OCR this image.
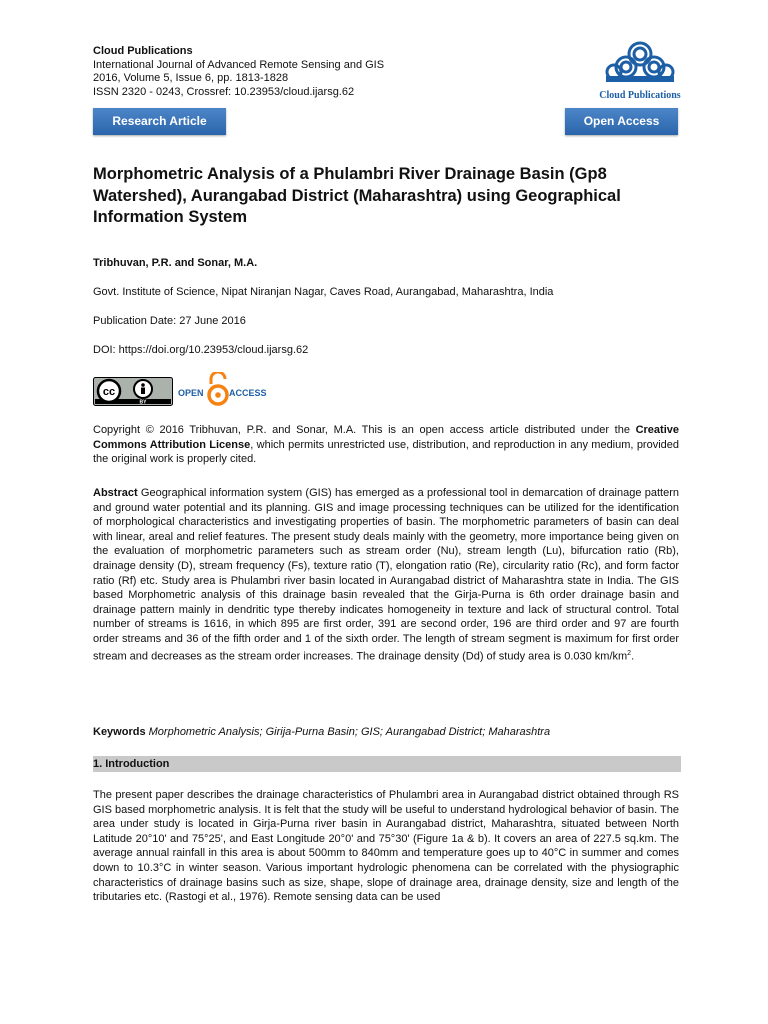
Cloud Publications
International Journal of Advanced Remote Sensing and GIS
2016, Volume 5, Issue 6, pp. 1813-1828
ISSN 2320 - 0243, Crossref: 10.23953/cloud.ijarsg.62	Cloud Publications
Research Article	Open Access
Morphometric Analysis of a Phulambri River Drainage Basin (Gp8 Watershed), Aurangabad District (Maharashtra) using Geographical Information System
Tribhuvan, P.R. and Sonar, M.A.
Govt. Institute of Science, Nipat Niranjan Nagar, Caves Road, Aurangabad, Maharashtra, India
Publication Date: 27 June 2016
DOI: https://doi.org/10.23953/cloud.ijarsg.62
cc
BY
OPEN	ACCESS
Copyright © 2016 Tribhuvan, P.R. and Sonar, M.A. This is an open access article distributed under the Creative Commons Attribution License, which permits unrestricted use, distribution, and reproduction in any medium, provided the original work is properly cited.
Abstract Geographical information system (GIS) has emerged as a professional tool in demarcation of drainage pattern and ground water potential and its planning. GIS and image processing techniques can be utilized for the identification of morphological characteristics and investigating properties of basin. The morphometric parameters of basin can deal with linear, areal and relief features. The present study deals mainly with the geometry, more importance being given on the evaluation of morphometric parameters such as stream order (Nu), stream length (Lu), bifurcation ratio (Rb), drainage density (D), stream frequency (Fs), texture ratio (T), elongation ratio (Re), circularity ratio (Rc), and form factor ratio (Rf) etc. Study area is Phulambri river basin located in Aurangabad district of Maharashtra state in India. The GIS based Morphometric analysis of this drainage basin revealed that the Girja-Purna is 6th order drainage basin and drainage pattern mainly in dendritic type thereby indicates homogeneity in texture and lack of structural control. Total number of streams is 1616, in which 895 are first order, 391 are second order, 196 are third order and 97 are fourth order streams and 36 of the fifth order and 1 of the sixth order. The length of stream segment is maximum for first order stream and decreases as the stream order increases. The drainage density (Dd) of study area is 0.030 $km/km^2$.
Keywords Morphometric Analysis; Girija-Purna Basin; GIS; Aurangabad District; Maharashtra
1. Introduction
The present paper describes the drainage characteristics of Phulambri area in Aurangabad district obtained through RS GIS based morphometric analysis. It is felt that the study will be useful to understand hydrological behavior of basin. The area under study is located in Girja-Purna river basin in Aurangabad district, Maharashtra, situated between North Latitude 20°10' and 75°25', and East Longitude 20°0' and 75°30' (Figure 1a & b). It covers an area of 227.5 sq.km. The average annual rainfall in this area is about 500mm to 840mm and temperature goes up to 40°C in summer and comes down to 10.3°C in winter season. Various important hydrologic phenomena can be correlated with the physiographic characteristics of drainage basins such as size, shape, slope of drainage area, drainage density, size and length of the tributaries etc. (Rastogi et al., 1976). Remote sensing data can be used
